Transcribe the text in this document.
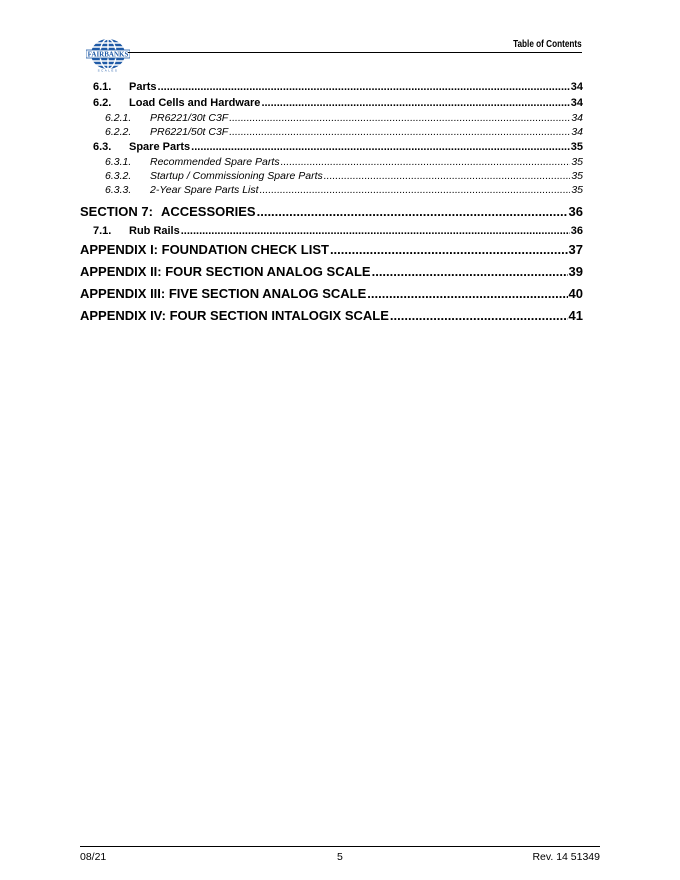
FAIRBANKS
SCALES
Table of Contents
6.1.	Parts .....	34
6.2.	Load Cells and Hardware .....	34
6.2.1.	PR6221/30t C3F .....	34
6.2.2.	PR6221/50t C3F .....	34
6.3.	Spare Parts .....	35
6.3.1.	Recommended Spare Parts .....	35
6.3.2.	Startup / Commissioning Spare Parts .....	35
6.3.3.	2-Year Spare Parts List .....	35
SECTION 7: ACCESSORIES .....	36
7.1.	Rub Rails .....	36
APPENDIX I: FOUNDATION CHECK LIST .....	37
APPENDIX II: FOUR SECTION ANALOG SCALE .....	39
APPENDIX III: FIVE SECTION ANALOG SCALE .....	40
APPENDIX IV: FOUR SECTION INTALOGIX SCALE .....	41
08/21	5	Rev. 14 51349
